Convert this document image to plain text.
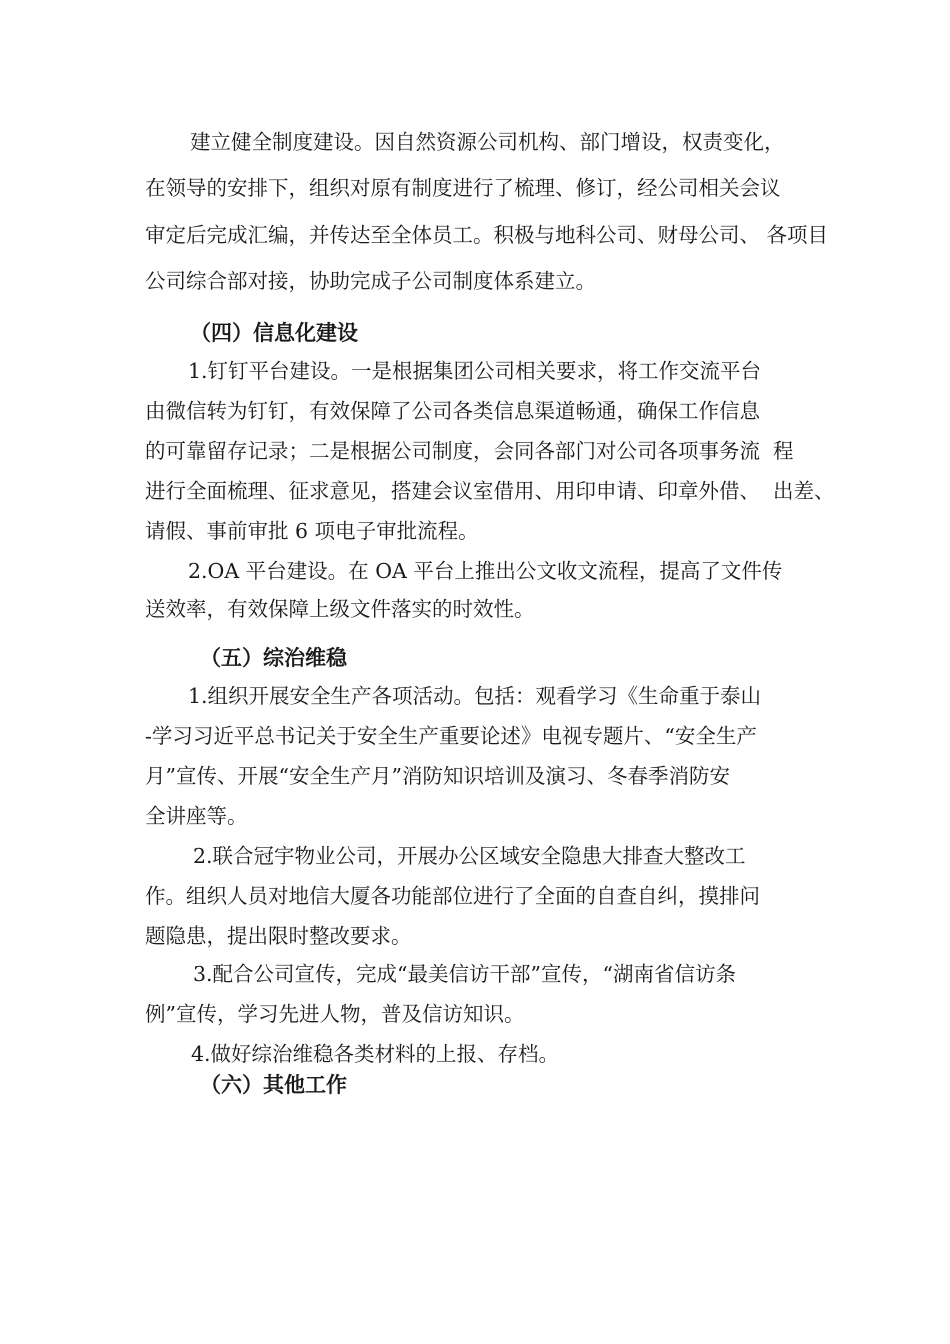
建立健全制度建设。因自然资源公司机构、部门增设，权责变化，
在领导的安排下，组织对原有制度进行了梳理、修订，经公司相关会议
审定后完成汇编，并传达至全体员工。积极与地科公司、财母公司、 各项目
公司综合部对接，协助完成子公司制度体系建立。
（四）信息化建设
1.钉钉平台建设。一是根据集团公司相关要求，将工作交流平台
由微信转为钉钉，有效保障了公司各类信息渠道畅通，确保工作信息
的可靠留存记录；二是根据公司制度，会同各部门对公司各项事务流  程
进行全面梳理、征求意见，搭建会议室借用、用印申请、印章外借、  出差、
请假、事前审批 6 项电子审批流程。
2.OA 平台建设。在 OA 平台上推出公文收文流程，提高了文件传
送效率，有效保障上级文件落实的时效性。
（五）综治维稳
1.组织开展安全生产各项活动。包括：观看学习《生命重于泰山
-学习习近平总书记关于安全生产重要论述》电视专题片、“安全生产
月”宣传、开展“安全生产月”消防知识培训及演习、冬春季消防安
全讲座等。
2.联合冠宇物业公司，开展办公区域安全隐患大排查大整改工
作。组织人员对地信大厦各功能部位进行了全面的自查自纠，摸排问
题隐患，提出限时整改要求。
3.配合公司宣传，完成“最美信访干部”宣传，“湖南省信访条
例”宣传，学习先进人物，普及信访知识。
4.做好综治维稳各类材料的上报、存档。
（六）其他工作
